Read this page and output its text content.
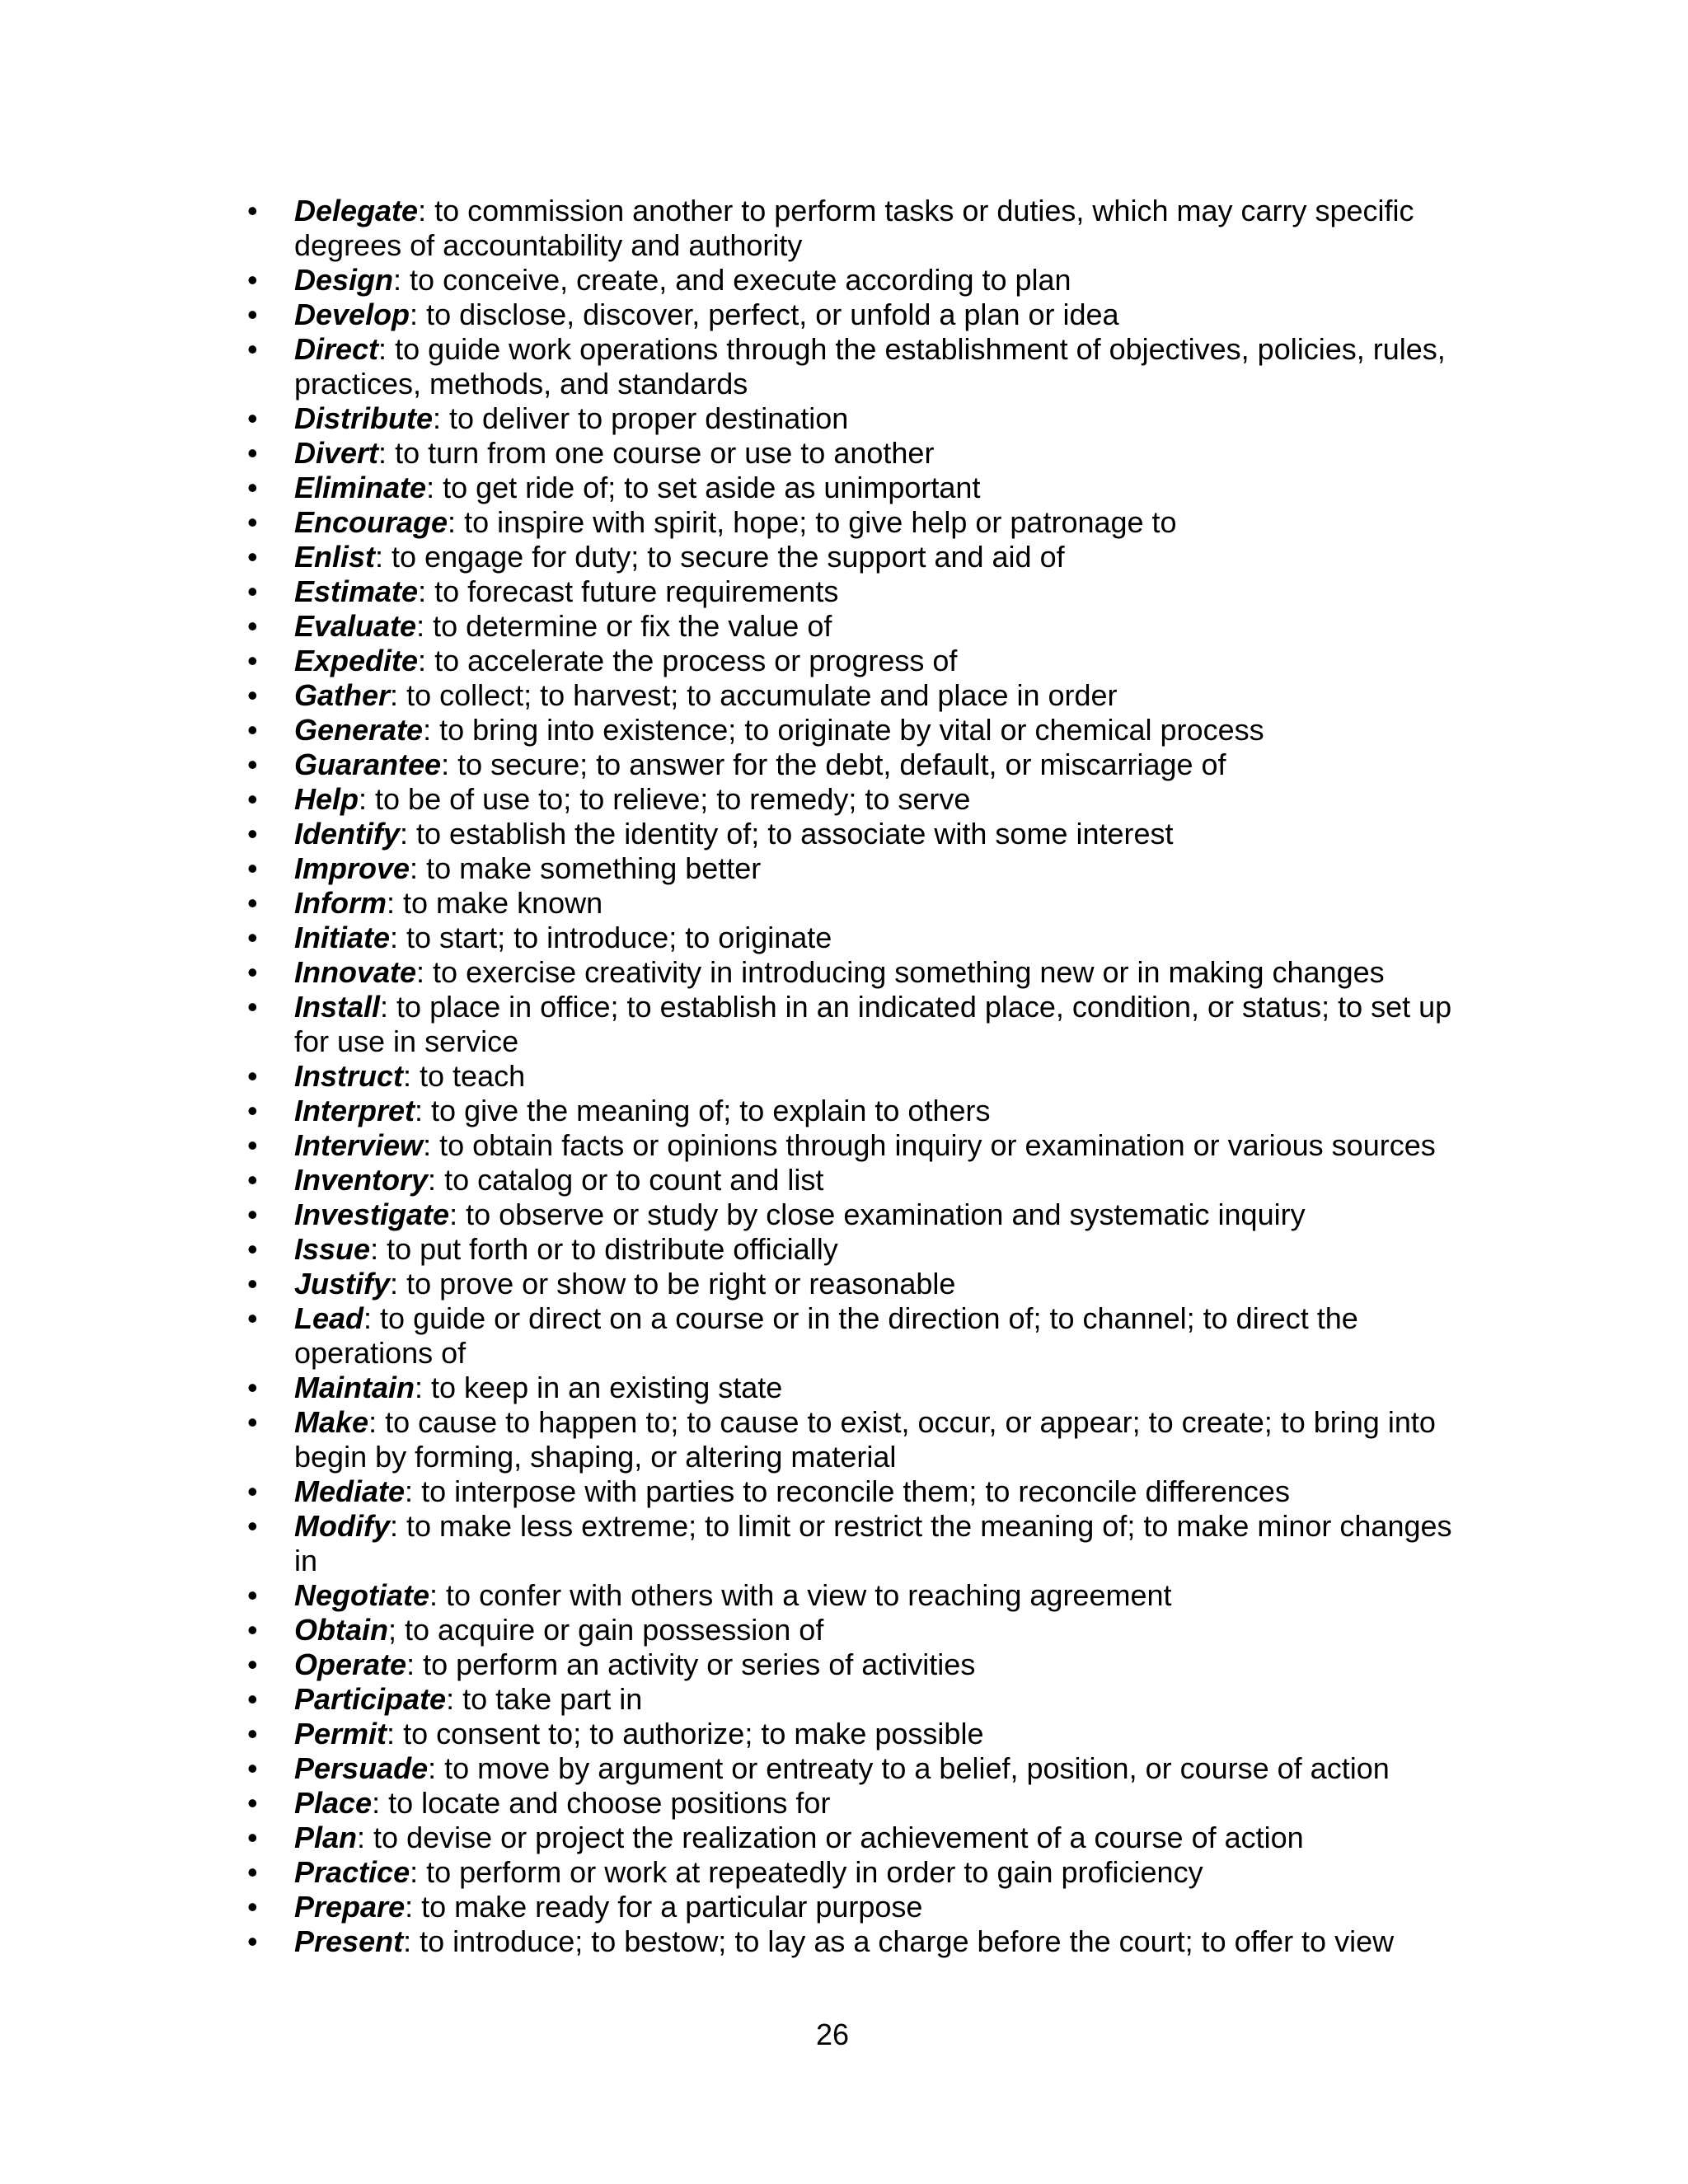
• Delegate: to commission another to perform tasks or duties, which may carry specific degrees of accountability and authority
• Design: to conceive, create, and execute according to plan
• Develop: to disclose, discover, perfect, or unfold a plan or idea
• Direct: to guide work operations through the establishment of objectives, policies, rules, practices, methods, and standards
• Distribute: to deliver to proper destination
• Divert: to turn from one course or use to another
• Eliminate: to get ride of; to set aside as unimportant
• Encourage: to inspire with spirit, hope; to give help or patronage to
• Enlist: to engage for duty; to secure the support and aid of
• Estimate: to forecast future requirements
• Evaluate: to determine or fix the value of
• Expedite: to accelerate the process or progress of
• Gather: to collect; to harvest; to accumulate and place in order
• Generate: to bring into existence; to originate by vital or chemical process
• Guarantee: to secure; to answer for the debt, default, or miscarriage of
• Help: to be of use to; to relieve; to remedy; to serve
• Identify: to establish the identity of; to associate with some interest
• Improve: to make something better
• Inform: to make known
• Initiate: to start; to introduce; to originate
• Innovate: to exercise creativity in introducing something new or in making changes
• Install: to place in office; to establish in an indicated place, condition, or status; to set up for use in service
• Instruct: to teach
• Interpret: to give the meaning of; to explain to others
• Interview: to obtain facts or opinions through inquiry or examination or various sources
• Inventory: to catalog or to count and list
• Investigate: to observe or study by close examination and systematic inquiry
• Issue: to put forth or to distribute officially
• Justify: to prove or show to be right or reasonable
• Lead: to guide or direct on a course or in the direction of; to channel; to direct the operations of
• Maintain: to keep in an existing state
• Make: to cause to happen to; to cause to exist, occur, or appear; to create; to bring into begin by forming, shaping, or altering material
• Mediate: to interpose with parties to reconcile them; to reconcile differences
• Modify: to make less extreme; to limit or restrict the meaning of; to make minor changes in
• Negotiate: to confer with others with a view to reaching agreement
• Obtain; to acquire or gain possession of
• Operate: to perform an activity or series of activities
• Participate: to take part in
• Permit: to consent to; to authorize; to make possible
• Persuade: to move by argument or entreaty to a belief, position, or course of action
• Place: to locate and choose positions for
• Plan: to devise or project the realization or achievement of a course of action
• Practice: to perform or work at repeatedly in order to gain proficiency
• Prepare: to make ready for a particular purpose
• Present: to introduce; to bestow; to lay as a charge before the court; to offer to view
26
